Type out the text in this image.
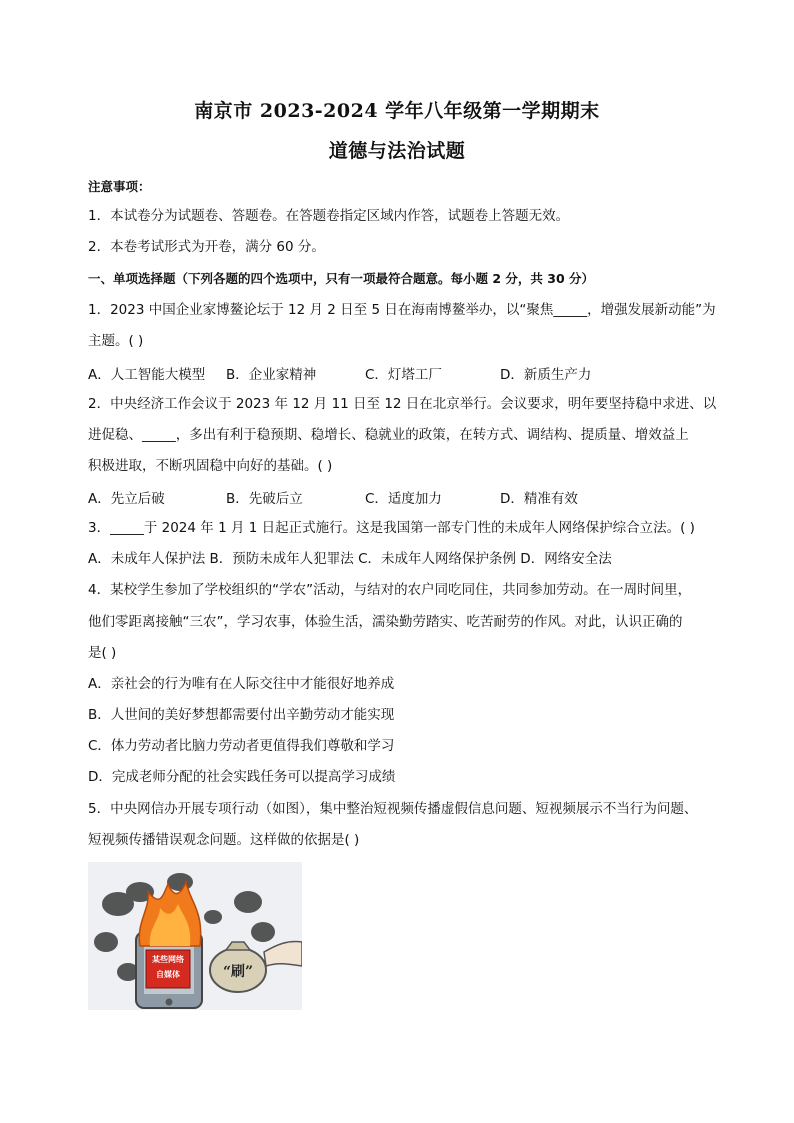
南京市 2023-2024 学年八年级第一学期期末
道德与法治试题
注意事项：
1．本试卷分为试题卷、答题卷。在答题卷指定区域内作答，试题卷上答题无效。
2．本卷考试形式为开卷，满分 60 分。
一、单项选择题（下列各题的四个选项中，只有一项最符合题意。每小题 2 分，共 30 分）
1．2023 中国企业家博鳌论坛于 12 月 2 日至 5 日在海南博鳌举办，以“聚焦_____，增强发展新动能”为
主题。( )
A．人工智能大模型 B．企业家精神	C．灯塔工厂	D．新质生产力
2．中央经济工作会议于 2023 年 12 月 11 日至 12 日在北京举行。会议要求，明年要坚持稳中求进、以
进促稳、_____，多出有利于稳预期、稳增长、稳就业的政策，在转方式、调结构、提质量、增效益上
积极进取，不断巩固稳中向好的基础。( )
A．先立后破	B．先破后立	C．适度加力	D．精准有效
3．_____于 2024 年 1 月 1 日起正式施行。这是我国第一部专门性的未成年人网络保护综合立法。( )
A．未成年人保护法 B．预防未成年人犯罪法 C．未成年人网络保护条例 D．网络安全法
4．某校学生参加了学校组织的“学农”活动，与结对的农户同吃同住，共同参加劳动。在一周时间里，
他们零距离接触“三农”，学习农事，体验生活，濡染勤劳踏实、吃苦耐劳的作风。对此，认识正确的
是( )
A．亲社会的行为唯有在人际交往中才能很好地养成
B．人世间的美好梦想都需要付出辛勤劳动才能实现
C．体力劳动者比脑力劳动者更值得我们尊敬和学习
D．完成老师分配的社会实践任务可以提高学习成绩
5．中央网信办开展专项行动（如图），集中整治短视频传播虚假信息问题、短视频展示不当行为问题、
短视频传播错误观念问题。这样做的依据是( )
某些网络
自媒体	“刷”
